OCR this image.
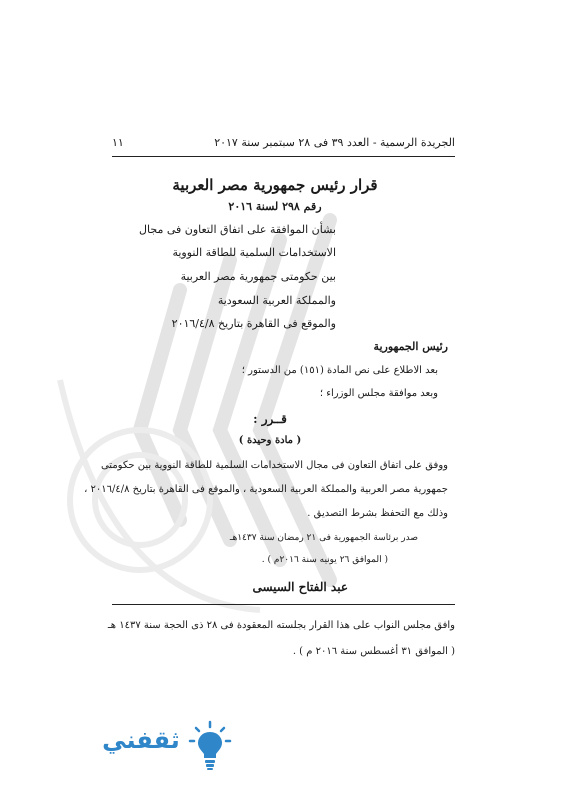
الجريدة الرسمية - العدد ٣٩ فى ٢٨ سبتمبر سنة ٢٠١٧
١١
قرار رئيس جمهورية مصر العربية
رقم ٢٩٨ لسنة ٢٠١٦
بشأن الموافقة على اتفاق التعاون فى مجال
الاستخدامات السلمية للطاقة النووية
بين حكومتى جمهورية مصر العربية
والمملكة العربية السعودية
والموقع فى القاهرة بتاريخ ٢٠١٦/٤/٨
رئيس الجمهورية
بعد الاطلاع على نص المادة (١٥١) من الدستور ؛
وبعد موافقة مجلس الوزراء ؛
قــرر :
( مادة وحيدة )
ووفق على اتفاق التعاون فى مجال الاستخدامات السلمية للطاقة النووية بين حكومتى
جمهورية مصر العربية والمملكة العربية السعودية ، والموقع فى القاهرة بتاريخ ٢٠١٦/٤/٨ ،
وذلك مع التحفظ بشرط التصديق .
صدر برئاسة الجمهورية فى ٢١ رمضان سنة ١٤٣٧هـ
( الموافق ٢٦ يونيه سنة ٢٠١٦م ) .
عبد الفتاح السيسى
وافق مجلس النواب على هذا القرار بجلسته المعقودة فى ٢٨ ذى الحجة سنة ١٤٣٧ هـ
( الموافق ٣١ أغسطس سنة ٢٠١٦ م ) .
ثقفني
